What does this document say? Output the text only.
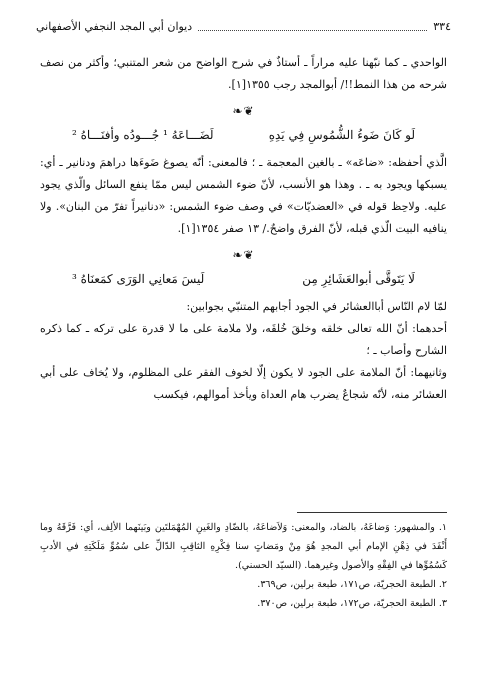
٣٣٤
ديوان أبي المجد النجفي الأصفهاني

الواحدي ـ كما نبّهنا عليه مراراً ـ أستاذٌ في شرح الواضح من شعر المتنبي؛ وأكثر من نصف شرحه من هذا النمط!!/ أبوالمجد رجب ١٣٥٥[١].

❦❧
لَو كَانَ ضَوءُ الشُّمُوسِ فِي يَدِهِ
لَضَـــاعَهُ ¹ جُـــودُه وأفنَـــاهُ ²

الَّذي أحفظه: «ضاعَه» ـ بالغين المعجمة ـ ؛ فالمعنى: أنّه يصوغ ضَوءَها دراهمَ ودنانير ـ أي: يسبكها ويجود به ـ . وهذا هو الأنسب، لأنّ ضوء الشمس ليس ممّا ينفع السائل والّذي يجود عليه. ولاحِظ قوله في «العضديّات» في وصف ضوء الشمس: «دنانيراً تفرّ من البنان». ولا ينافيه البيت الّذي قبله، لأنّ الفرق واضحٌ./ ١٣ صفر ١٣٥٤[١].

❦❧
لَا يَتَوقَّى أبوالعَشَائِرِ مِن
لَيسَ مَعانِي الوَرَى كمَعنَاهُ ³

لمّا لام النّاس أباالعشائر في الجود أجابهم المتنبّي بجوابين:

أحدهما: أنّ الله تعالى خلقه وخلقَ خُلقَه، ولا ملامة على ما لا قدرة على تركه ـ كما ذكره الشارح وأصاب ـ ؛

وثانيهما: أنّ الملامة على الجود لا يكون إلّا لخوف الفقر على المظلوم، ولا يُخاف على أبي العشائر منه، لأنّه شجاعٌ يضرب هام العداة ويأخذ أموالهم، فيكسب

١. والمشهور: وَضاعَهُ، بالضاد، والمعنى: وَلاَضاعَهُ، بالضّادِ والغَينِ المُهْمَلتَين وبَينَهما الألِف، أي: فَرَّقَهُ وما أَنْفَدَ في ذِهْنِ الإمام أبي المجدِ هُوَ مِنْ ومَضاتٍ سنا فِكْرِهِ الثاقِبِ الدّالِّ على سُمُوِّ مَلَكَتِهِ في الأدبِ كَسُمُوِّها في الفِقْهِ والأصول وغيرهما. (السيّد الحسني).

٢. الطبعة الحجريّة، ص١٧١، طبعة برلين، ص٣٦٩.

٣. الطبعة الحجريّة، ص١٧٢، طبعة برلين، ص٣٧٠.
